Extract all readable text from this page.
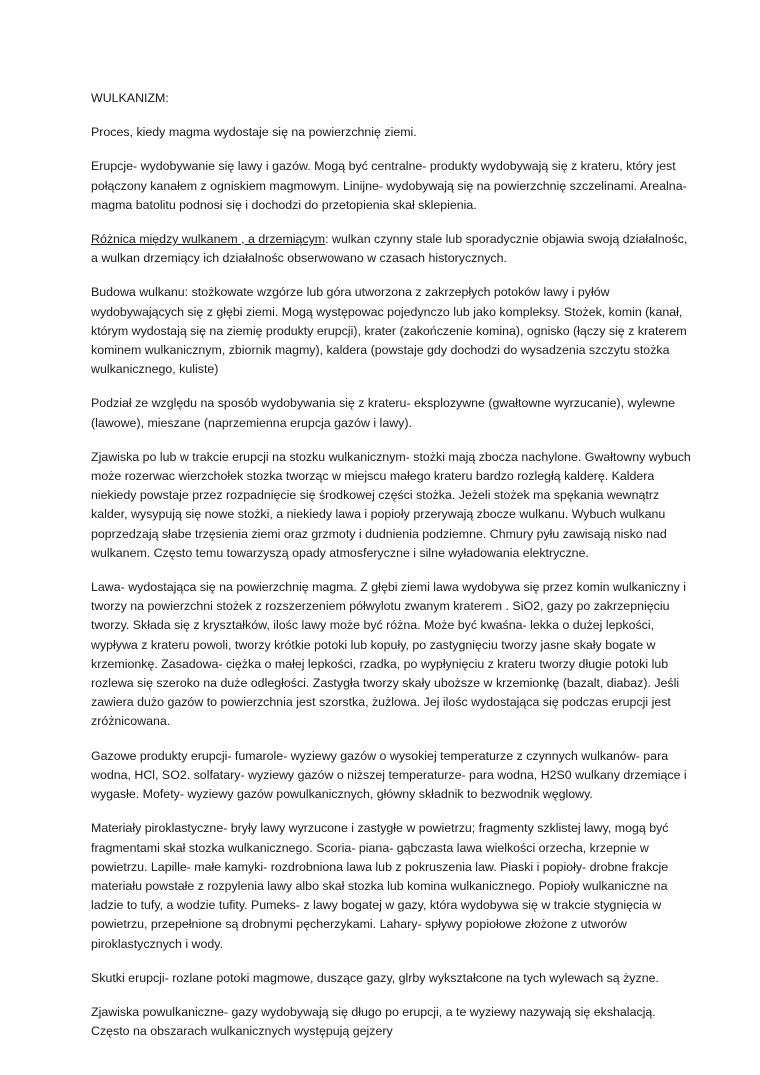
WULKANIZM:

Proces, kiedy magma wydostaje się na powierzchnię ziemi.

Erupcje- wydobywanie się lawy i gazów. Mogą być centralne- produkty wydobywają się z krateru, który jest połączony kanałem z ogniskiem magmowym. Linijne- wydobywają się na powierzchnię szczelinami. Arealna- magma batolitu podnosi się i dochodzi do przetopienia skał sklepienia.

Różnica między wulkanem , a drzemiącym: wulkan czynny stale lub sporadycznie objawia swoją działalnośc, a wulkan drzemiący ich działalnośc obserwowano w czasach historycznych.

Budowa wulkanu: stożkowate wzgórze lub góra utworzona z zakrzepłych potoków lawy i pyłów wydobywających się z głębi ziemi. Mogą występowac pojedynczo lub jako kompleksy. Stożek, komin (kanał, którym wydostają się na ziemię produkty erupcji), krater (zakończenie komina), ognisko (łączy się z kraterem kominem wulkanicznym, zbiornik magmy), kaldera (powstaje gdy dochodzi do wysadzenia szczytu stożka wulkanicznego, kuliste)

Podział ze względu na sposób wydobywania się z krateru- eksplozywne (gwałtowne wyrzucanie), wylewne (lawowe), mieszane (naprzemienna erupcja gazów i lawy).

Zjawiska po lub w trakcie erupcji na stozku wulkanicznym- stożki mają zbocza nachylone. Gwałtowny wybuch może rozerwac wierzchołek stozka tworząc w miejscu małego krateru bardzo rozległą kalderę. Kaldera niekiedy powstaje przez rozpadnięcie się środkowej części stożka. Jeżeli stożek ma spękania wewnątrz kalder, wysypują się nowe stożki, a niekiedy lawa i popioły przerywają zbocze wulkanu. Wybuch wulkanu poprzedzają słabe trzęsienia ziemi oraz grzmoty i dudnienia podziemne. Chmury pyłu zawisają nisko nad wulkanem. Często temu towarzyszą opady atmosferyczne i silne wyładowania elektryczne.

Lawa- wydostająca się na powierzchnię magma. Z głębi ziemi lawa wydobywa się przez komin wulkaniczny i tworzy na powierzchni stożek z rozszerzeniem półwylotu zwanym kraterem . SiO2, gazy po zakrzepnięciu tworzy. Składa się z kryształków, ilośc lawy może być różna. Może być kwaśna- lekka o dużej lepkości, wypływa z krateru powoli, tworzy krótkie potoki lub kopuły, po zastygnięciu tworzy jasne skały bogate w krzemionkę. Zasadowa- ciężka o małej lepkości, rzadka, po wypłynięciu z krateru tworzy długie potoki lub rozlewa się szeroko na duże odległości. Zastygła tworzy skały uboższe w krzemionkę (bazalt, diabaz). Jeśli zawiera dużo gazów to powierzchnia jest szorstka, żużlowa. Jej ilośc wydostająca się podczas erupcji jest zróżnicowana.

Gazowe produkty erupcji- fumarole- wyziewy gazów o wysokiej temperaturze z czynnych wulkanów- para wodna, HCl, SO2. solfatary- wyziewy gazów o niższej temperaturze- para wodna, H2S0 wulkany drzemiące i wygasłe. Mofety- wyziewy gazów powulkanicznych, główny składnik to bezwodnik węglowy.

Materiały piroklastyczne- bryły lawy wyrzucone i zastygłe w powietrzu; fragmenty szklistej lawy, mogą być fragmentami skał stozka wulkanicznego. Scoria- piana- gąbczasta lawa wielkości orzecha, krzepnie w powietrzu. Lapille- małe kamyki- rozdrobniona lawa lub z pokruszenia law. Piaski i popioły- drobne frakcje materiału powstałe z rozpylenia lawy albo skał stozka lub komina wulkanicznego. Popioły wulkaniczne na ladzie to tufy, a wodzie tufity. Pumeks- z lawy bogatej w gazy, która wydobywa się w trakcie stygnięcia w powietrzu, przepełnione są drobnymi pęcherzykami. Lahary- spływy popiołowe złożone z utworów piroklastycznych i wody.

Skutki erupcji- rozlane potoki magmowe, duszące gazy, glrby wykształcone na tych wylewach są żyzne.

Zjawiska powulkaniczne- gazy wydobywają się długo po erupcji, a te wyziewy nazywają się ekshalacją. Często na obszarach wulkanicznych występują gejzery
